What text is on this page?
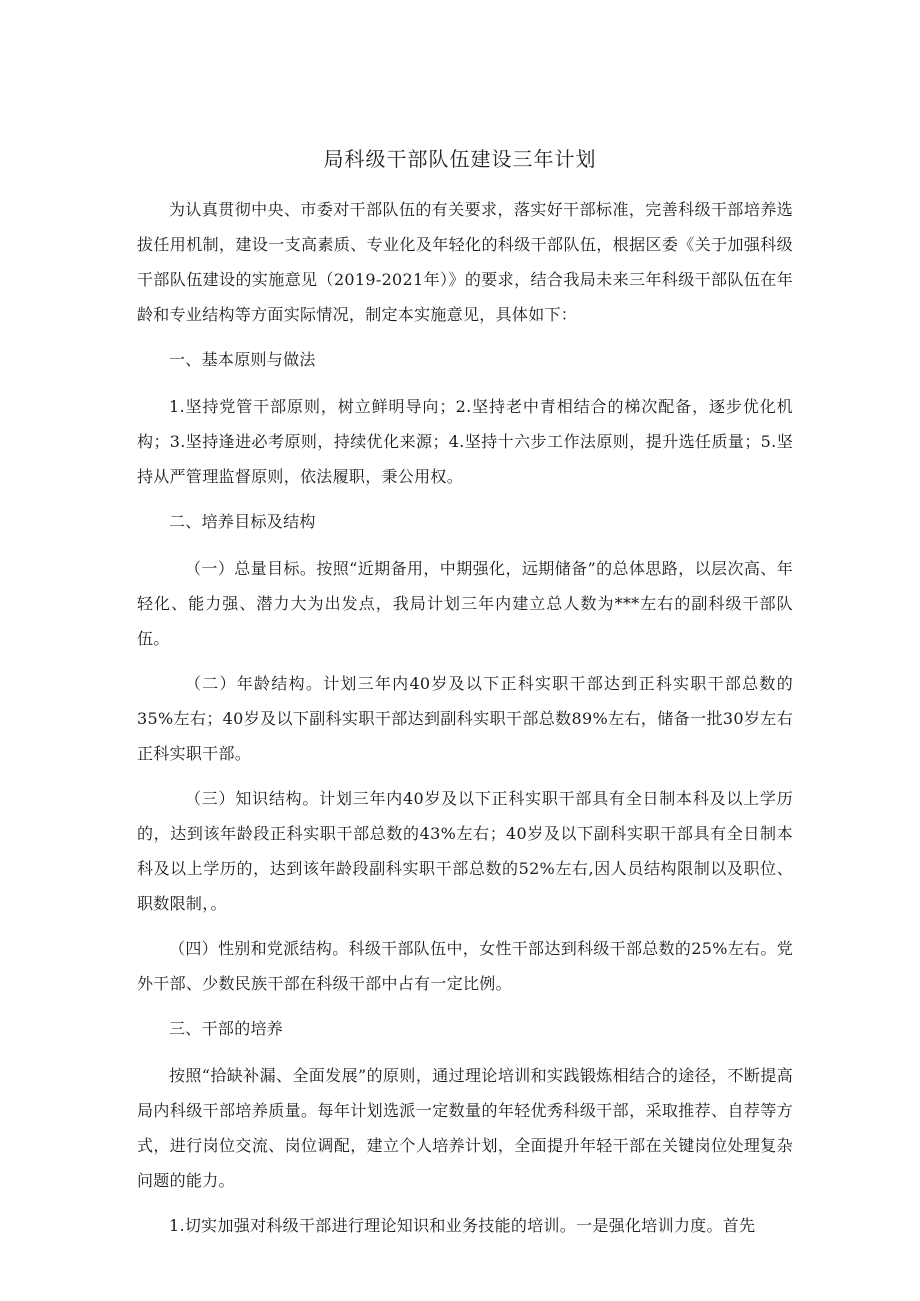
局科级干部队伍建设三年计划

为认真贯彻中央、市委对干部队伍的有关要求，落实好干部标准，完善科级干部培养选拔任用机制，建设一支高素质、专业化及年轻化的科级干部队伍，根据区委《关于加强科级干部队伍建设的实施意见（2019-2021年）》的要求，结合我局未来三年科级干部队伍在年龄和专业结构等方面实际情况，制定本实施意见，具体如下：

一、基本原则与做法

1.坚持党管干部原则，树立鲜明导向；2.坚持老中青相结合的梯次配备，逐步优化机构；3.坚持逢进必考原则，持续优化来源；4.坚持十六步工作法原则，提升选任质量；5.坚持从严管理监督原则，依法履职，秉公用权。

二、培养目标及结构

（一）总量目标。按照“近期备用，中期强化，远期储备”的总体思路，以层次高、年轻化、能力强、潜力大为出发点，我局计划三年内建立总人数为***左右的副科级干部队伍。

（二）年龄结构。计划三年内40岁及以下正科实职干部达到正科实职干部总数的35%左右；40岁及以下副科实职干部达到副科实职干部总数89%左右，储备一批30岁左右正科实职干部。

（三）知识结构。计划三年内40岁及以下正科实职干部具有全日制本科及以上学历的，达到该年龄段正科实职干部总数的43%左右；40岁及以下副科实职干部具有全日制本科及以上学历的，达到该年龄段副科实职干部总数的52%左右,因人员结构限制以及职位、职数限制，。

（四）性别和党派结构。科级干部队伍中，女性干部达到科级干部总数的25%左右。党外干部、少数民族干部在科级干部中占有一定比例。

三、干部的培养

按照“拾缺补漏、全面发展”的原则，通过理论培训和实践锻炼相结合的途径，不断提高局内科级干部培养质量。每年计划选派一定数量的年轻优秀科级干部，采取推荐、自荐等方式，进行岗位交流、岗位调配，建立个人培养计划，全面提升年轻干部在关键岗位处理复杂问题的能力。

1.切实加强对科级干部进行理论知识和业务技能的培训。一是强化培训力度。首先
